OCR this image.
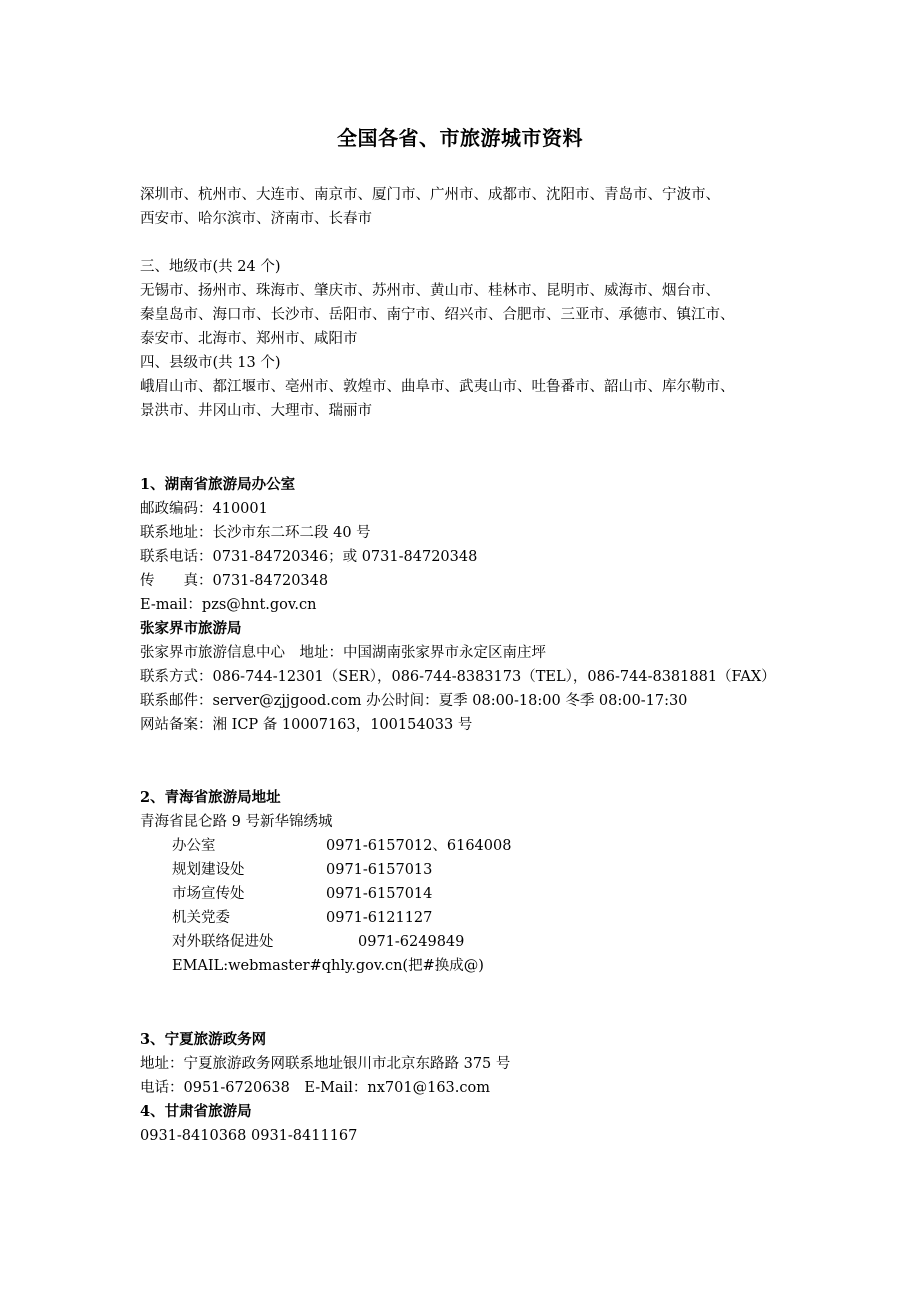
全国各省、市旅游城市资料
深圳市、杭州市、大连市、南京市、厦门市、广州市、成都市、沈阳市、青岛市、宁波市、
西安市、哈尔滨市、济南市、长春市
三、地级市(共 24 个)
无锡市、扬州市、珠海市、肇庆市、苏州市、黄山市、桂林市、昆明市、威海市、烟台市、
秦皇岛市、海口市、长沙市、岳阳市、南宁市、绍兴市、合肥市、三亚市、承德市、镇江市、
泰安市、北海市、郑州市、咸阳市
四、县级市(共 13 个)
峨眉山市、都江堰市、亳州市、敦煌市、曲阜市、武夷山市、吐鲁番市、韶山市、库尔勒市、
景洪市、井冈山市、大理市、瑞丽市
1、湖南省旅游局办公室
邮政编码：410001
联系地址：长沙市东二环二段 40 号
联系电话：0731-84720346；或 0731-84720348
传　　真：0731-84720348
E-mail：pzs@hnt.gov.cn
张家界市旅游局
张家界市旅游信息中心　地址：中国湖南张家界市永定区南庄坪
联系方式：086-744-12301（SER），086-744-8383173（TEL），086-744-8381881（FAX）
联系邮件：server@zjjgood.com 办公时间：夏季 08:00-18:00 冬季 08:00-17:30
网站备案：湘 ICP 备 10007163，100154033 号
2、青海省旅游局地址
青海省昆仑路 9 号新华锦绣城
办公室	0971-6157012、6164008
规划建设处	0971-6157013
市场宣传处	0971-6157014
机关党委	0971-6121127
对外联络促进处	0971-6249849
EMAIL:webmaster#qhly.gov.cn(把#换成@)
3、宁夏旅游政务网
地址：宁夏旅游政务网联系地址银川市北京东路路 375 号
电话：0951-6720638　E-Mail：nx701@163.com
4、甘肃省旅游局
0931-8410368 0931-8411167
